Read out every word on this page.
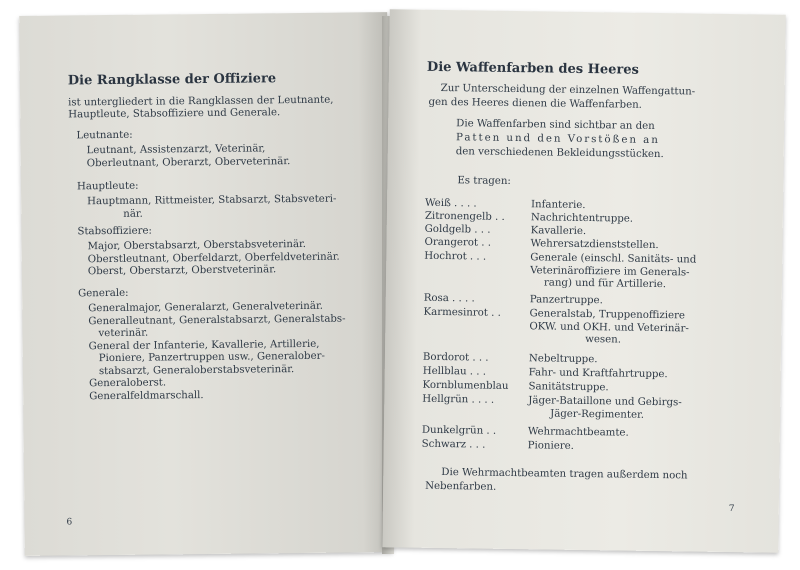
Die Rangklasse der Offiziere
ist untergliedert in die Rangklassen der Leutnante,
Hauptleute, Stabsoffiziere und Generale.
Leutnante:
Leutnant, Assistenzarzt, Veterinär,
Oberleutnant, Oberarzt, Oberveterinär.
Hauptleute:
Hauptmann, Rittmeister, Stabsarzt, Stabsveteri-
när.
Stabsoffiziere:
Major, Oberstabsarzt, Oberstabsveterinär.
Oberstleutnant, Oberfeldarzt, Oberfeldveterinär.
Oberst, Oberstarzt, Oberstveterinär.
Generale:
Generalmajor, Generalarzt, Generalveterinär.
Generalleutnant, Generalstabsarzt, Generalstabs-
veterinär.
General der Infanterie, Kavallerie, Artillerie,
Pioniere, Panzertruppen usw., Generalober-
stabsarzt, Generaloberstabsveterinär.
Generaloberst.
Generalfeldmarschall.
6
Die Waffenfarben des Heeres
Zur Unterscheidung der einzelnen Waffengattun-
gen des Heeres dienen die Waffenfarben.
Die Waffenfarben sind sichtbar an den
Patten und den Vorstößen an
den verschiedenen Bekleidungsstücken.
Es tragen:
Weiß . . . .	Infanterie.
Zitronengelb . .	Nachrichtentruppe.
Goldgelb . . .	Kavallerie.
Orangerot . .	Wehrersatzdienststellen.
Hochrot . . .	Generale (einschl. Sanitäts- und
Veterinäroffiziere im Generals-
rang) und für Artillerie.
Rosa . . . .	Panzertruppe.
Karmesinrot . .	Generalstab, Truppenoffiziere
OKW. und OKH. und Veterinär-
wesen.
Bordorot . . .	Nebeltruppe.
Hellblau . . .	Fahr- und Kraftfahrtruppe.
Kornblumenblau	Sanitätstruppe.
Hellgrün . . . .	Jäger-Bataillone und Gebirgs-
Jäger-Regimenter.
Dunkelgrün . .	Wehrmachtbeamte.
Schwarz . . .	Pioniere.
Die Wehrmachtbeamten tragen außerdem noch
Nebenfarben.
7
